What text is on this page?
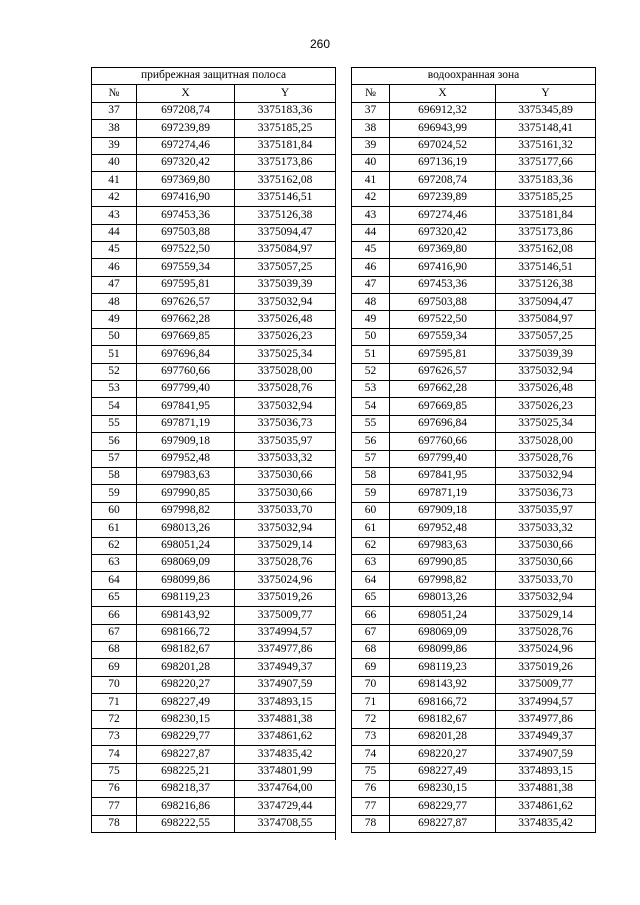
260
прибрежная защитная полоса		
№	X	Y
37	697208,74	3375183,36
38	697239,89	3375185,25
39	697274,46	3375181,84
40	697320,42	3375173,86
41	697369,80	3375162,08
42	697416,90	3375146,51
43	697453,36	3375126,38
44	697503,88	3375094,47
45	697522,50	3375084,97
46	697559,34	3375057,25
47	697595,81	3375039,39
48	697626,57	3375032,94
49	697662,28	3375026,48
50	697669,85	3375026,23
51	697696,84	3375025,34
52	697760,66	3375028,00
53	697799,40	3375028,76
54	697841,95	3375032,94
55	697871,19	3375036,73
56	697909,18	3375035,97
57	697952,48	3375033,32
58	697983,63	3375030,66
59	697990,85	3375030,66
60	697998,82	3375033,70
61	698013,26	3375032,94
62	698051,24	3375029,14
63	698069,09	3375028,76
64	698099,86	3375024,96
65	698119,23	3375019,26
66	698143,92	3375009,77
67	698166,72	3374994,57
68	698182,67	3374977,86
69	698201,28	3374949,37
70	698220,27	3374907,59
71	698227,49	3374893,15
72	698230,15	3374881,38
73	698229,77	3374861,62
74	698227,87	3374835,42
75	698225,21	3374801,99
76	698218,37	3374764,00
77	698216,86	3374729,44
78	698222,55	3374708,55
водоохранная зона		
№	X	Y
37	696912,32	3375345,89
38	696943,99	3375148,41
39	697024,52	3375161,32
40	697136,19	3375177,66
41	697208,74	3375183,36
42	697239,89	3375185,25
43	697274,46	3375181,84
44	697320,42	3375173,86
45	697369,80	3375162,08
46	697416,90	3375146,51
47	697453,36	3375126,38
48	697503,88	3375094,47
49	697522,50	3375084,97
50	697559,34	3375057,25
51	697595,81	3375039,39
52	697626,57	3375032,94
53	697662,28	3375026,48
54	697669,85	3375026,23
55	697696,84	3375025,34
56	697760,66	3375028,00
57	697799,40	3375028,76
58	697841,95	3375032,94
59	697871,19	3375036,73
60	697909,18	3375035,97
61	697952,48	3375033,32
62	697983,63	3375030,66
63	697990,85	3375030,66
64	697998,82	3375033,70
65	698013,26	3375032,94
66	698051,24	3375029,14
67	698069,09	3375028,76
68	698099,86	3375024,96
69	698119,23	3375019,26
70	698143,92	3375009,77
71	698166,72	3374994,57
72	698182,67	3374977,86
73	698201,28	3374949,37
74	698220,27	3374907,59
75	698227,49	3374893,15
76	698230,15	3374881,38
77	698229,77	3374861,62
78	698227,87	3374835,42
